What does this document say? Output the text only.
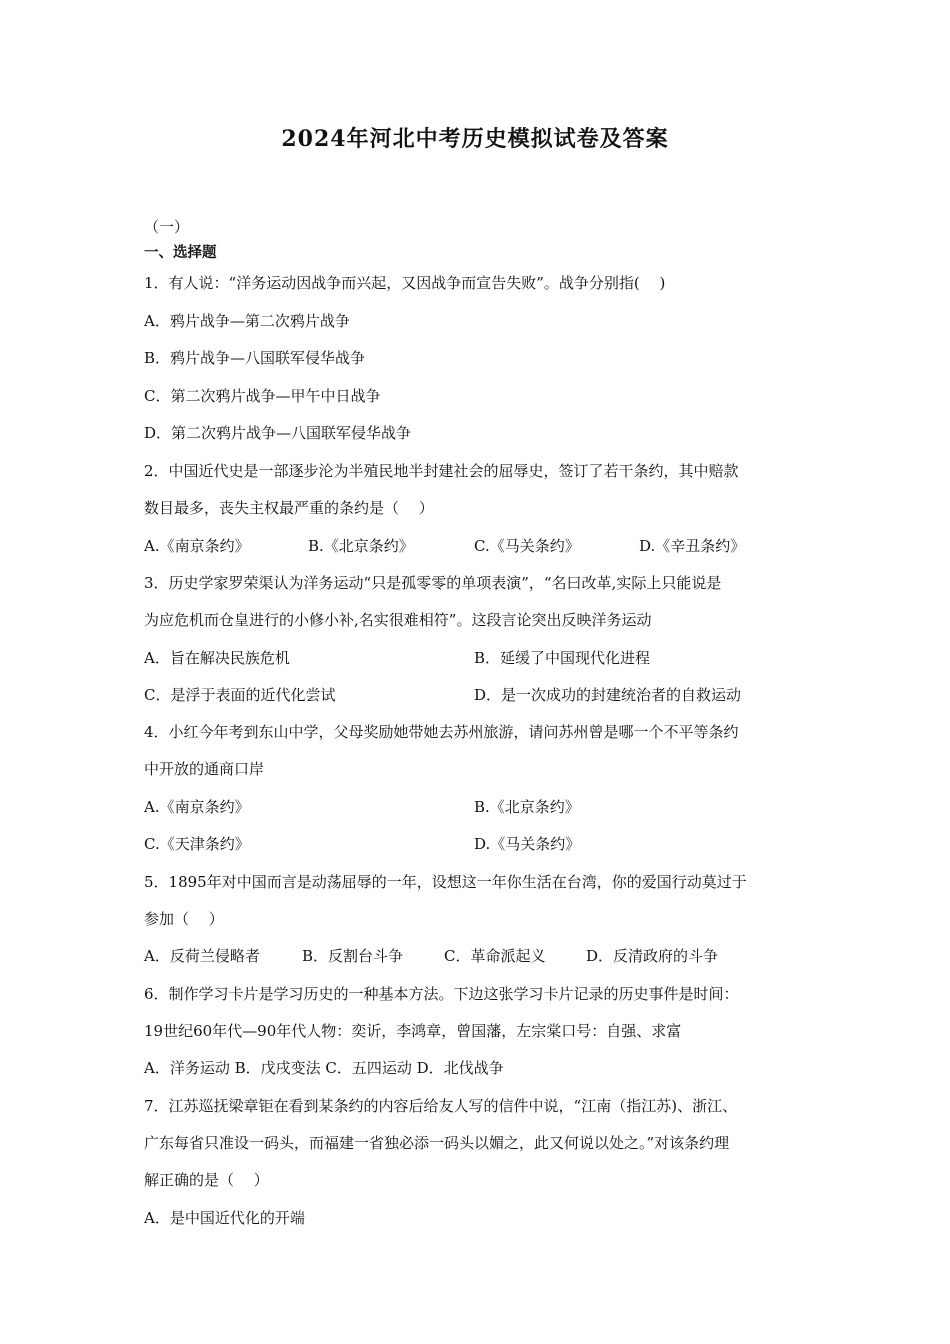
2024年河北中考历史模拟试卷及答案
（一）
一、选择题
1．有人说：“洋务运动因战争而兴起，又因战争而宣告失败”。战争分别指(　 )
A．鸦片战争—第二次鸦片战争
B．鸦片战争—八国联军侵华战争
C．第二次鸦片战争—甲午中日战争
D．第二次鸦片战争—八国联军侵华战争
2．中国近代史是一部逐步沦为半殖民地半封建社会的屈辱史，签订了若干条约，其中赔款
数目最多，丧失主权最严重的条约是（　 ）
A.《南京条约》	B.《北京条约》	C.《马关条约》	D.《辛丑条约》
3．历史学家罗荣渠认为洋务运动“只是孤零零的单项表演”，“名曰改革,实际上只能说是
为应危机而仓皇进行的小修小补,名实很难相符”。这段言论突出反映洋务运动
A．旨在解决民族危机	B．延缓了中国现代化进程
C．是浮于表面的近代化尝试	D．是一次成功的封建统治者的自救运动
4．小红今年考到东山中学，父母奖励她带她去苏州旅游，请问苏州曾是哪一个不平等条约
中开放的通商口岸
A.《南京条约》	B.《北京条约》
C.《天津条约》	D.《马关条约》
5．1895年对中国而言是动荡屈辱的一年，设想这一年你生活在台湾，你的爱国行动莫过于
参加（　 ）
A．反荷兰侵略者	B．反割台斗争	C．革命派起义	D．反清政府的斗争
6．制作学习卡片是学习历史的一种基本方法。下边这张学习卡片记录的历史事件是时间：
19世纪60年代—90年代人物：奕䜣，李鸿章，曾国藩，左宗棠口号：自强、求富
A．洋务运动 B．戊戌变法 C．五四运动 D．北伐战争
7．江苏巡抚梁章钜在看到某条约的内容后给友人写的信件中说，“江南（指江苏)、浙江、
广东每省只准设一码头，而福建一省独必添一码头以媚之，此又何说以处之。”对该条约理
解正确的是（　 ）
A．是中国近代化的开端
